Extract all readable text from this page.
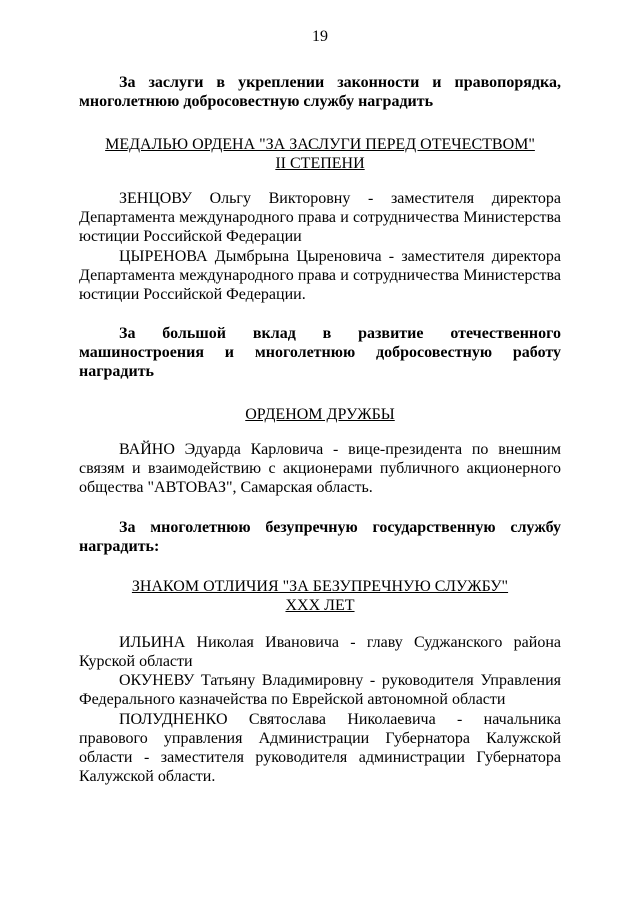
19
За заслуги в укреплении законности и правопорядка,
многолетнюю добросовестную службу наградить
МЕДАЛЬЮ ОРДЕНА "ЗА ЗАСЛУГИ ПЕРЕД ОТЕЧЕСТВОМ"
II СТЕПЕНИ
ЗЕНЦОВУ Ольгу Викторовну - заместителя директора
Департамента международного права и сотрудничества Министерства
юстиции Российской Федерации
ЦЫРЕНОВА Дымбрына Цыреновича - заместителя директора
Департамента международного права и сотрудничества Министерства
юстиции Российской Федерации.
За большой вклад в развитие отечественного
машиностроения и многолетнюю добросовестную работу
наградить
ОРДЕНОМ ДРУЖБЫ
ВАЙНО Эдуарда Карловича - вице-президента по внешним
связям и взаимодействию с акционерами публичного акционерного
общества "АВТОВАЗ", Самарская область.
За многолетнюю безупречную государственную службу
наградить:
ЗНАКОМ ОТЛИЧИЯ "ЗА БЕЗУПРЕЧНУЮ СЛУЖБУ"
XXX ЛЕТ
ИЛЬИНА Николая Ивановича - главу Суджанского района
Курской области
ОКУНЕВУ Татьяну Владимировну - руководителя Управления
Федерального казначейства по Еврейской автономной области
ПОЛУДНЕНКО Святослава Николаевича - начальника
правового управления Администрации Губернатора Калужской
области - заместителя руководителя администрации Губернатора
Калужской области.
